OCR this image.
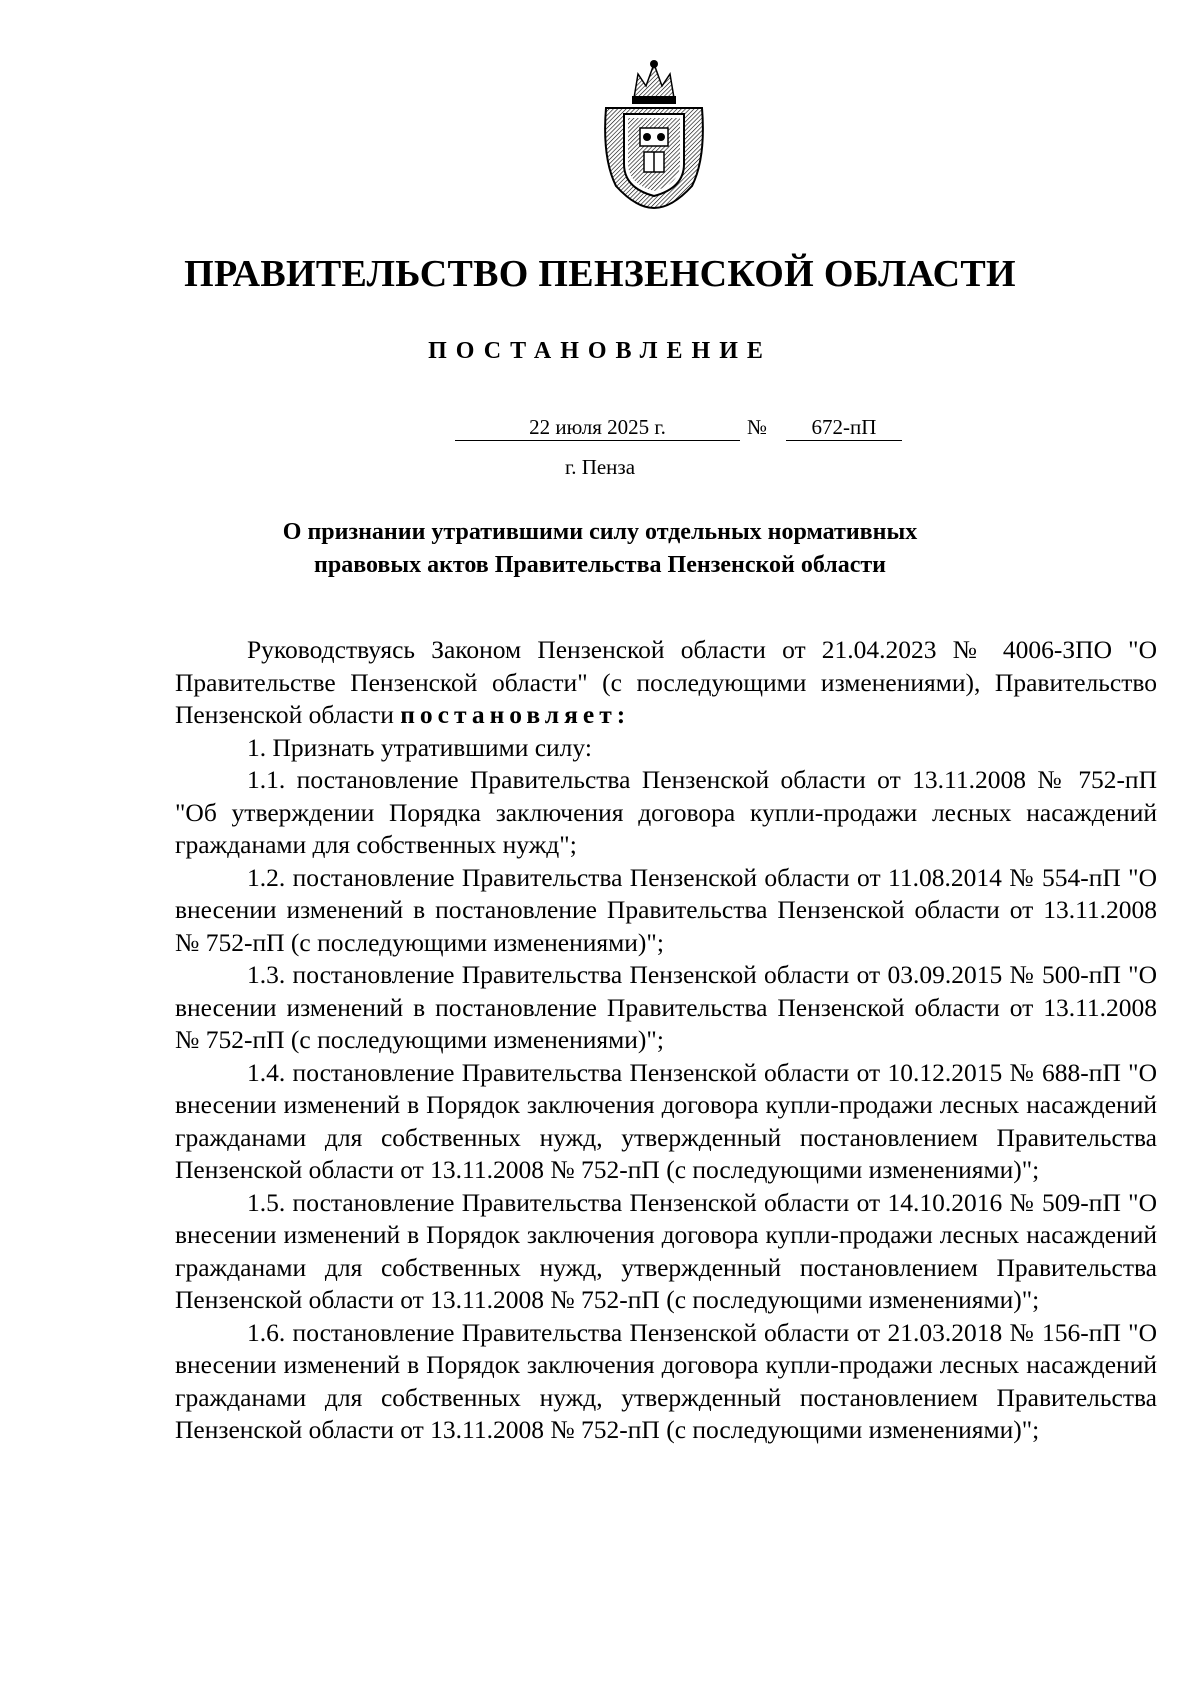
ПРАВИТЕЛЬСТВО ПЕНЗЕНСКОЙ ОБЛАСТИ
ПОСТАНОВЛЕНИЕ
22 июля 2025 г.	№	672-пП
г. Пенза
О признании утратившими силу отдельных нормативных
правовых актов Правительства Пензенской области

Руководствуясь Законом Пензенской области от 21.04.2023 № 4006-ЗПО "О Правительстве Пензенской области" (с последующими изменениями), Правительство Пензенской области постановляет:

1. Признать утратившими силу:

1.1. постановление Правительства Пензенской области от 13.11.2008 № 752-пП "Об утверждении Порядка заключения договора купли-продажи лесных насаждений гражданами для собственных нужд";

1.2. постановление Правительства Пензенской области от 11.08.2014 № 554-пП "О внесении изменений в постановление Правительства Пензенской области от 13.11.2008 № 752-пП (с последующими изменениями)";

1.3. постановление Правительства Пензенской области от 03.09.2015 № 500-пП "О внесении изменений в постановление Правительства Пензенской области от 13.11.2008 № 752-пП (с последующими изменениями)";

1.4. постановление Правительства Пензенской области от 10.12.2015 № 688-пП "О внесении изменений в Порядок заключения договора купли-продажи лесных насаждений гражданами для собственных нужд, утвержденный постановлением Правительства Пензенской области от 13.11.2008 № 752-пП (с последующими изменениями)";

1.5. постановление Правительства Пензенской области от 14.10.2016 № 509-пП "О внесении изменений в Порядок заключения договора купли-продажи лесных насаждений гражданами для собственных нужд, утвержденный постановлением Правительства Пензенской области от 13.11.2008 № 752-пП (с последующими изменениями)";

1.6. постановление Правительства Пензенской области от 21.03.2018 № 156-пП "О внесении изменений в Порядок заключения договора купли-продажи лесных насаждений гражданами для собственных нужд, утвержденный постановлением Правительства Пензенской области от 13.11.2008 № 752-пП (с последующими изменениями)";
